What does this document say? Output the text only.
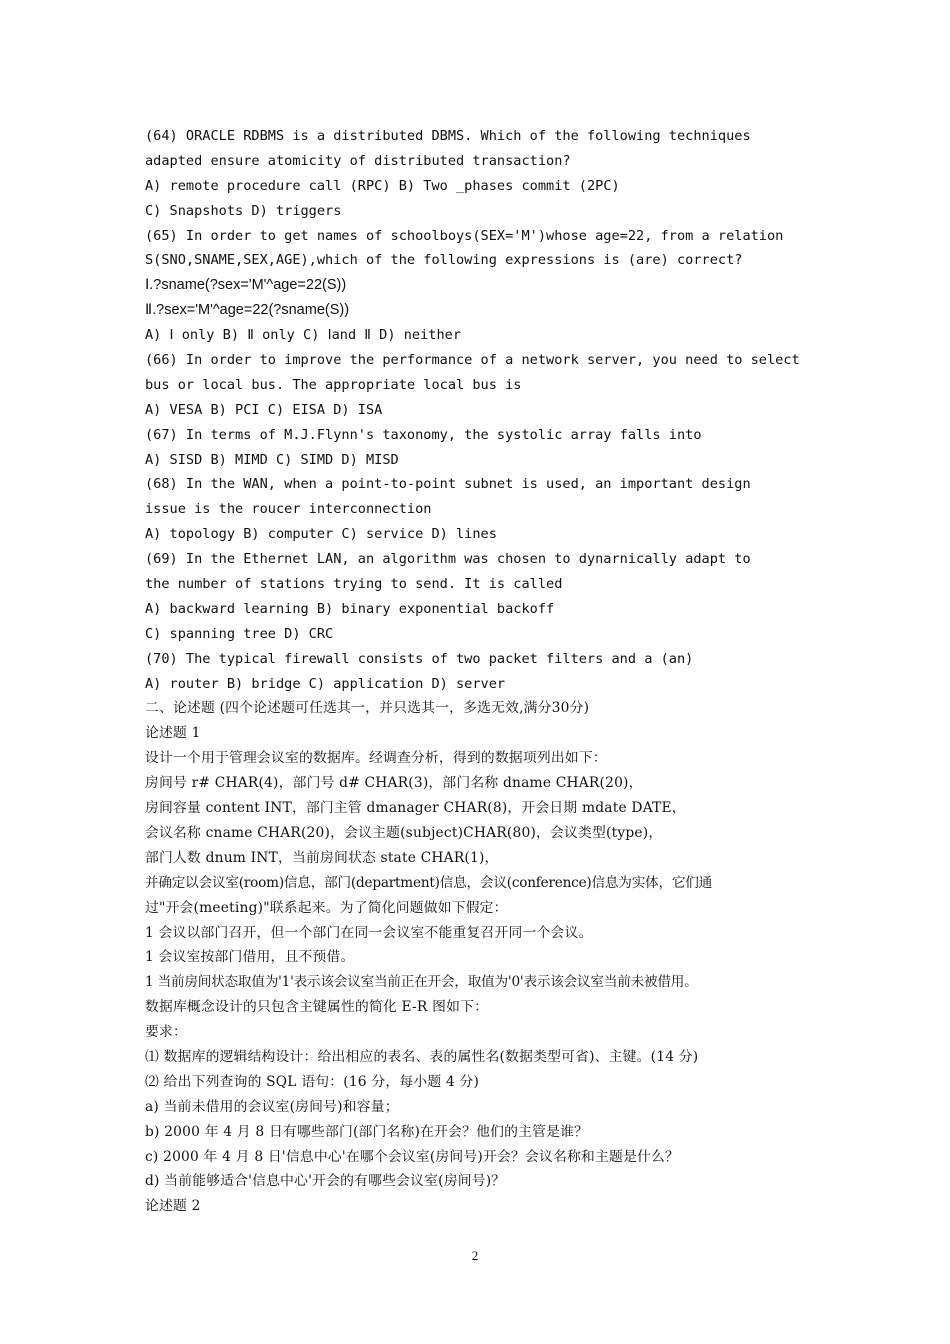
(64) ORACLE RDBMS is a distributed DBMS. Which of the following techniques
adapted ensure atomicity of distributed transaction?
A) remote procedure call (RPC) B) Two _phases commit (2PC)
C) Snapshots D) triggers
(65) In order to get names of schoolboys(SEX='M')whose age=22, from a relation
S(SNO,SNAME,SEX,AGE),which of the following expressions is (are) correct?
Ⅰ.?sname(?sex='M'^age=22(S))
Ⅱ.?sex='M'^age=22(?sname(S))
A) Ⅰ only B) Ⅱ only C) Ⅰand Ⅱ D) neither
(66) In order to improve the performance of a network server, you need to select
bus or local bus. The appropriate local bus is
A) VESA B) PCI C) EISA D) ISA
(67) In terms of M.J.Flynn's taxonomy, the systolic array falls into
A) SISD B) MIMD C) SIMD D) MISD
(68) In the WAN, when a point-to-point subnet is used, an important design
issue is the roucer interconnection
A) topology B) computer C) service D) lines
(69) In the Ethernet LAN, an algorithm was chosen to dynarnically adapt to
the number of stations trying to send. It is called
A) backward learning B) binary exponential backoff
C) spanning tree D) CRC
(70) The typical firewall consists of two packet filters and a (an)
A) router B) bridge C) application D) server
二、论述题 (四个论述题可任选其一，并只选其一，多选无效,满分30分)
论述题 1
设计一个用于管理会议室的数据库。经调查分析，得到的数据项列出如下：
房间号 r# CHAR(4)，部门号 d# CHAR(3)，部门名称 dname CHAR(20)，
房间容量 content INT，部门主管 dmanager CHAR(8)，开会日期 mdate DATE，
会议名称 cname CHAR(20)，会议主题(subject)CHAR(80)，会议类型(type)，
部门人数 dnum INT，当前房间状态 state CHAR(1)，
并确定以会议室(room)信息，部门(department)信息，会议(conference)信息为实体，它们通
过"开会(meeting)"联系起来。为了简化问题做如下假定：
1 会议以部门召开，但一个部门在同一会议室不能重复召开同一个会议。
1 会议室按部门借用，且不预借。
1 当前房间状态取值为'1'表示该会议室当前正在开会，取值为'0'表示该会议室当前未被借用。
数据库概念设计的只包含主键属性的简化 E-R 图如下：
要求：
⑴ 数据库的逻辑结构设计：给出相应的表名、表的属性名(数据类型可省)、主键。(14 分)
⑵ 给出下列查询的 SQL 语句：(16 分，每小题 4 分)
a) 当前未借用的会议室(房间号)和容量；
b) 2000 年 4 月 8 日有哪些部门(部门名称)在开会？他们的主管是谁？
c) 2000 年 4 月 8 日'信息中心'在哪个会议室(房间号)开会？会议名称和主题是什么？
d) 当前能够适合'信息中心'开会的有哪些会议室(房间号)？
论述题 2
2
